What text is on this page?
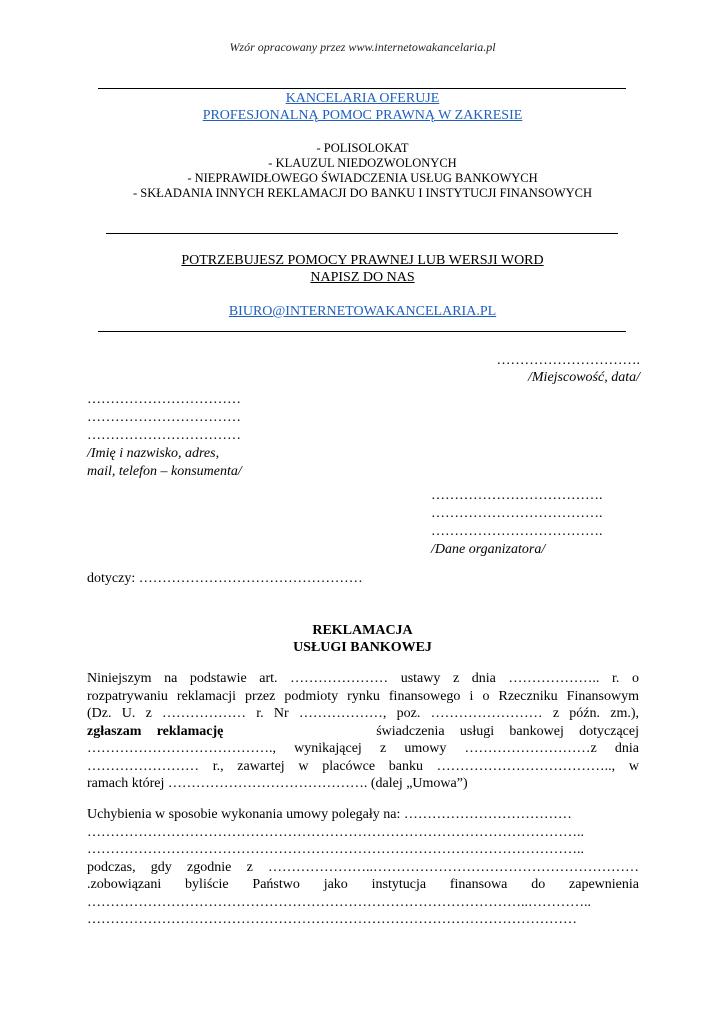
Wzór opracowany przez www.internetowakancelaria.pl
KANCELARIA OFERUJE
PROFESJONALNĄ POMOC PRAWNĄ W ZAKRESIE
- POLISOLOKAT
- KLAUZUL NIEDOZWOLONYCH
- NIEPRAWIDŁOWEGO ŚWIADCZENIA USŁUG BANKOWYCH
- SKŁADANIA INNYCH REKLAMACJI DO BANKU I INSTYTUCJI FINANSOWYCH
POTRZEBUJESZ POMOCY PRAWNEJ LUB WERSJI WORD
NAPISZ DO NAS
BIURO@INTERNETOWAKANCELARIA.PL
………………………….
/Miejscowość, data/
……………………………
……………………………
……………………………
/Imię i nazwisko, adres,
mail, telefon – konsumenta/
……………………………….
……………………………….
……………………………….
/Dane organizatora/
dotyczy: …………………………………………
REKLAMACJA
USŁUGI BANKOWEJ
Niniejszym na podstawie art. ………………… ustawy z dnia ……………….. r. o
rozpatrywaniu reklamacji przez podmioty rynku finansowego i o Rzeczniku Finansowym
(Dz. U. z ……………… r. Nr ………………, poz. …………………… z późn. zm.),
zgłaszam reklamację	świadczenia usługi bankowej dotyczącej
…………………………………., wynikającej z umowy ………………………z dnia
…………………… r., zawartej w placówce banku ……………………………….., w
ramach której ……………………………………. (dalej „Umowa”)
Uchybienia w sposobie wykonania umowy polegały na: ………………………………
……………………………………………………………………………………………..
……………………………………………………………………………………………..
podczas, gdy zgodnie z …………………..…………………………………………………
.zobowiązani byliście Państwo jako instytucja finansowa do zapewnienia
…………………………………………………………………………………..…………..
……………………………………………………………………………………………
